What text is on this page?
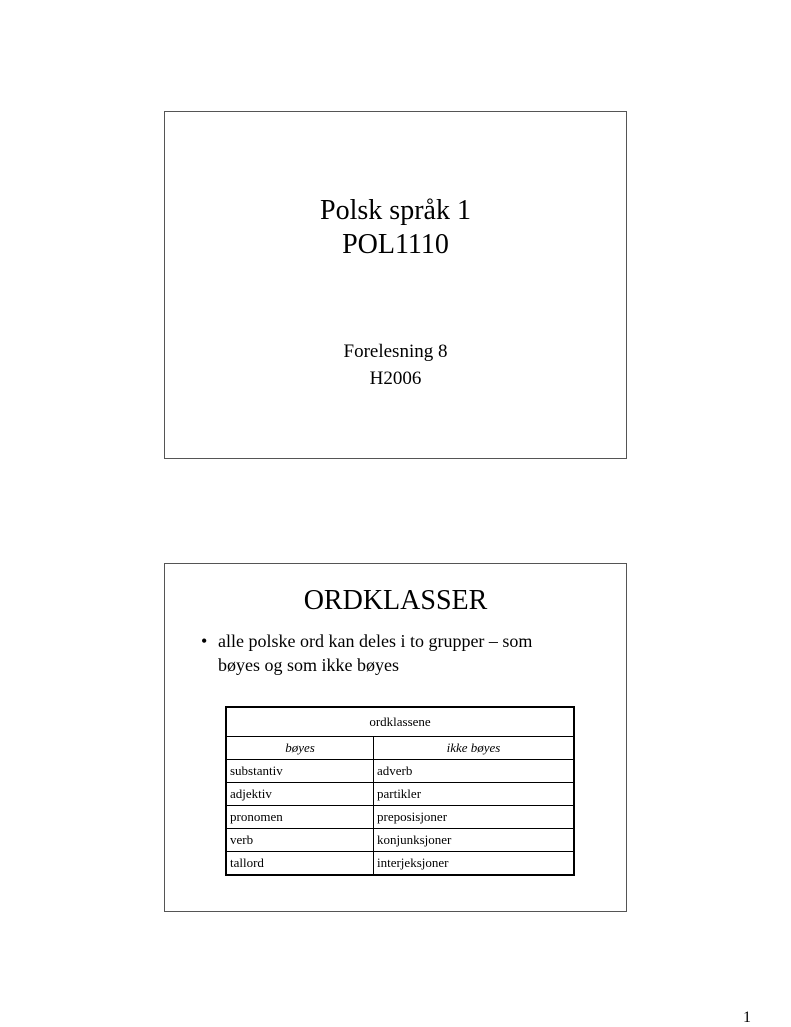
Polsk språk 1
POL1110
Forelesning 8
H2006
ORDKLASSER
• alle polske ord kan deles i to grupper – som
bøyes og som ikke bøyes
ordklassene	
bøyes	ikke bøyes
substantiv	adverb
adjektiv	partikler
pronomen	preposisjoner
verb	konjunksjoner
tallord	interjeksjoner
1
